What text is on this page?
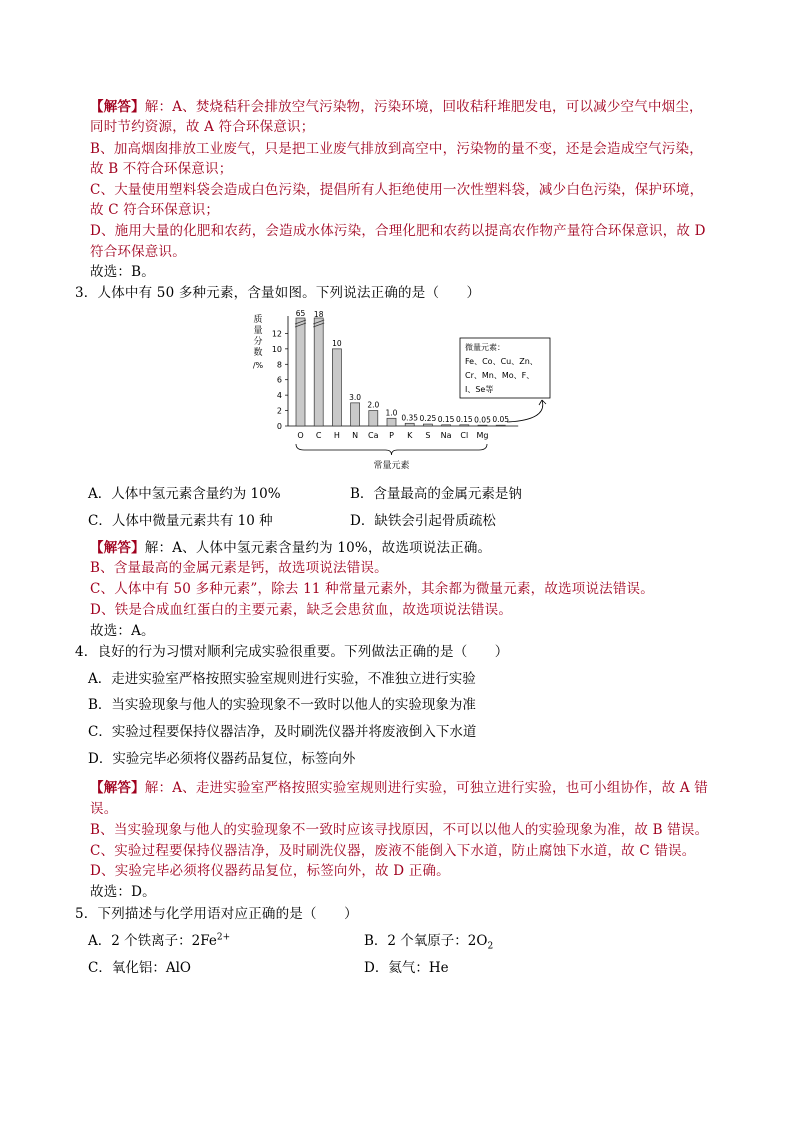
【解答】解：A、焚烧秸秆会排放空气污染物，污染环境，回收秸秆堆肥发电，可以减少空气中烟尘，
同时节约资源，故 A 符合环保意识；
B、加高烟囱排放工业废气，只是把工业废气排放到高空中，污染物的量不变，还是会造成空气污染，
故 B 不符合环保意识；
C、大量使用塑料袋会造成白色污染，提倡所有人拒绝使用一次性塑料袋，减少白色污染，保护环境，
故 C 符合环保意识；
D、施用大量的化肥和农药，会造成水体污染，合理化肥和农药以提高农作物产量符合环保意识，故 D
符合环保意识。
故选：B。
3．人体中有 50 多种元素，含量如图。下列说法正确的是（　　）
质
量
分
数
/%
0
2
4
6
8
10
12
65
O
18
C
10
H
3.0
N
2.0
Ca
1.0
P
0.35
K
0.25
S
0.15
Na
0.15
Cl
0.05
Mg
0.05
常量元素
微量元素：
Fe、Co、Cu、Zn、
Cr、Mn、Mo、F、
I、Se等
A．人体中氢元素含量约为 10%	B．含量最高的金属元素是钠
C．人体中微量元素共有 10 种	D．缺铁会引起骨质疏松
【解答】解：A、人体中氢元素含量约为 10%，故选项说法正确。
B、含量最高的金属元素是钙，故选项说法错误。
C、人体中有 50 多种元素”，除去 11 种常量元素外，其余都为微量元素，故选项说法错误。
D、铁是合成血红蛋白的主要元素，缺乏会患贫血，故选项说法错误。
故选：A。
4．良好的行为习惯对顺利完成实验很重要。下列做法正确的是（　　）
A．走进实验室严格按照实验室规则进行实验，不准独立进行实验
B．当实验现象与他人的实验现象不一致时以他人的实验现象为准
C．实验过程要保持仪器洁净，及时刷洗仪器并将废液倒入下水道
D．实验完毕必须将仪器药品复位，标签向外
【解答】解：A、走进实验室严格按照实验室规则进行实验，可独立进行实验，也可小组协作，故 A 错
误。
B、当实验现象与他人的实验现象不一致时应该寻找原因，不可以以他人的实验现象为准，故 B 错误。
C、实验过程要保持仪器洁净，及时刷洗仪器，废液不能倒入下水道，防止腐蚀下水道，故 C 错误。
D、实验完毕必须将仪器药品复位，标签向外，故 D 正确。
故选：D。
5．下列描述与化学用语对应正确的是（　　）
A．2 个铁离子：$2Fe^{2+}$	B．2 个氧原子：$2O_2$
C．氧化铝：AlO	D．氦气：He
